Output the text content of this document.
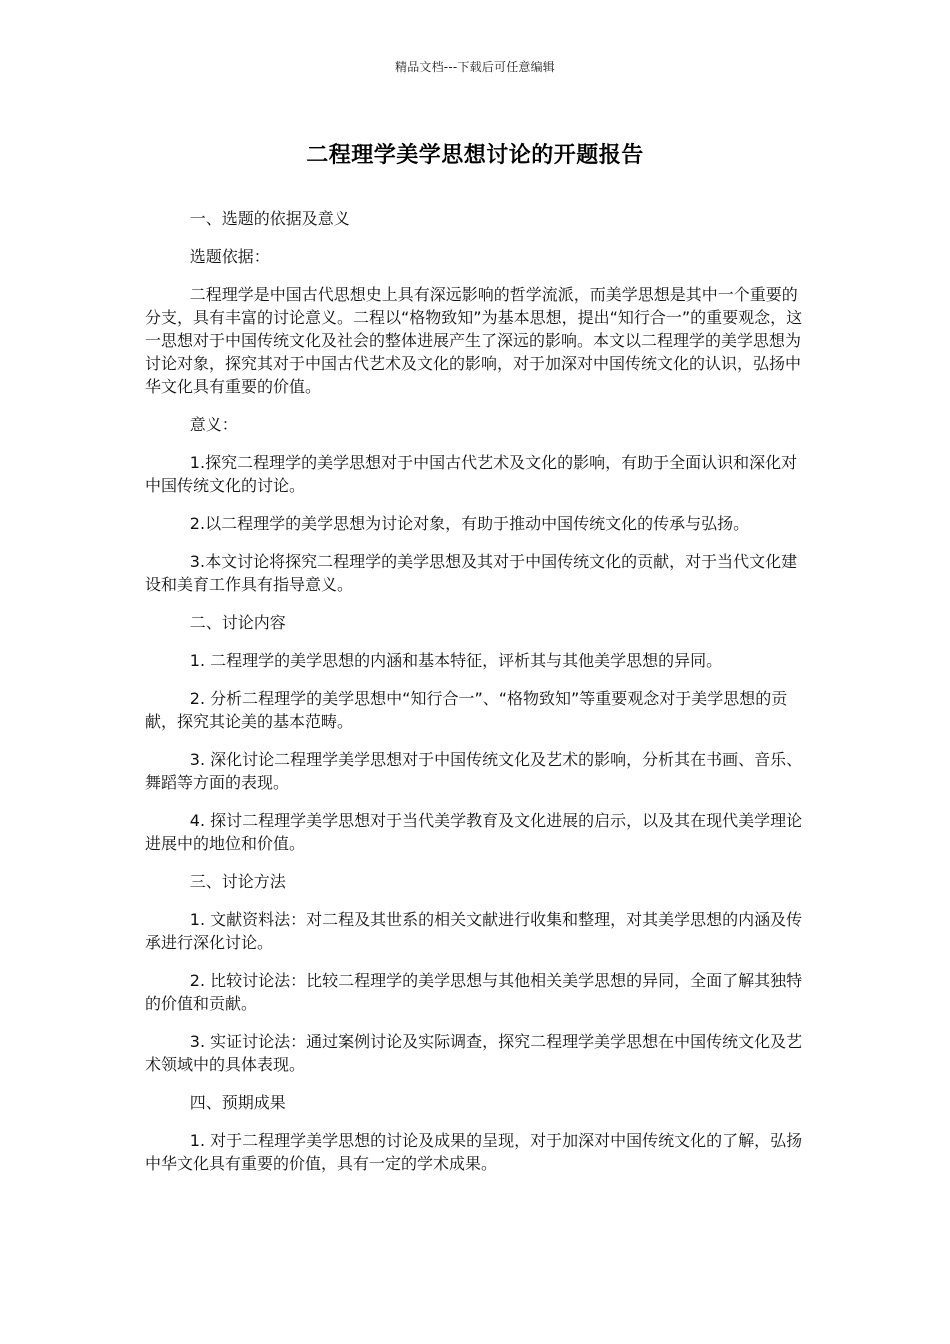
精品文档---下载后可任意编辑
二程理学美学思想讨论的开题报告

一、选题的依据及意义

选题依据：

二程理学是中国古代思想史上具有深远影响的哲学流派，而美学思想是其中一个重要的分支，具有丰富的讨论意义。二程以“格物致知”为基本思想，提出“知行合一”的重要观念，这一思想对于中国传统文化及社会的整体进展产生了深远的影响。本文以二程理学的美学思想为讨论对象，探究其对于中国古代艺术及文化的影响，对于加深对中国传统文化的认识，弘扬中华文化具有重要的价值。

意义：

1.探究二程理学的美学思想对于中国古代艺术及文化的影响，有助于全面认识和深化对中国传统文化的讨论。

2.以二程理学的美学思想为讨论对象，有助于推动中国传统文化的传承与弘扬。

3.本文讨论将探究二程理学的美学思想及其对于中国传统文化的贡献，对于当代文化建设和美育工作具有指导意义。

二、讨论内容

1. 二程理学的美学思想的内涵和基本特征，评析其与其他美学思想的异同。

2. 分析二程理学的美学思想中“知行合一”、“格物致知”等重要观念对于美学思想的贡献，探究其论美的基本范畴。

3. 深化讨论二程理学美学思想对于中国传统文化及艺术的影响，分析其在书画、音乐、舞蹈等方面的表现。

4. 探讨二程理学美学思想对于当代美学教育及文化进展的启示，以及其在现代美学理论进展中的地位和价值。

三、讨论方法

1. 文献资料法：对二程及其世系的相关文献进行收集和整理，对其美学思想的内涵及传承进行深化讨论。

2. 比较讨论法：比较二程理学的美学思想与其他相关美学思想的异同，全面了解其独特的价值和贡献。

3. 实证讨论法：通过案例讨论及实际调查，探究二程理学美学思想在中国传统文化及艺术领域中的具体表现。

四、预期成果

1. 对于二程理学美学思想的讨论及成果的呈现，对于加深对中国传统文化的了解，弘扬中华文化具有重要的价值，具有一定的学术成果。
